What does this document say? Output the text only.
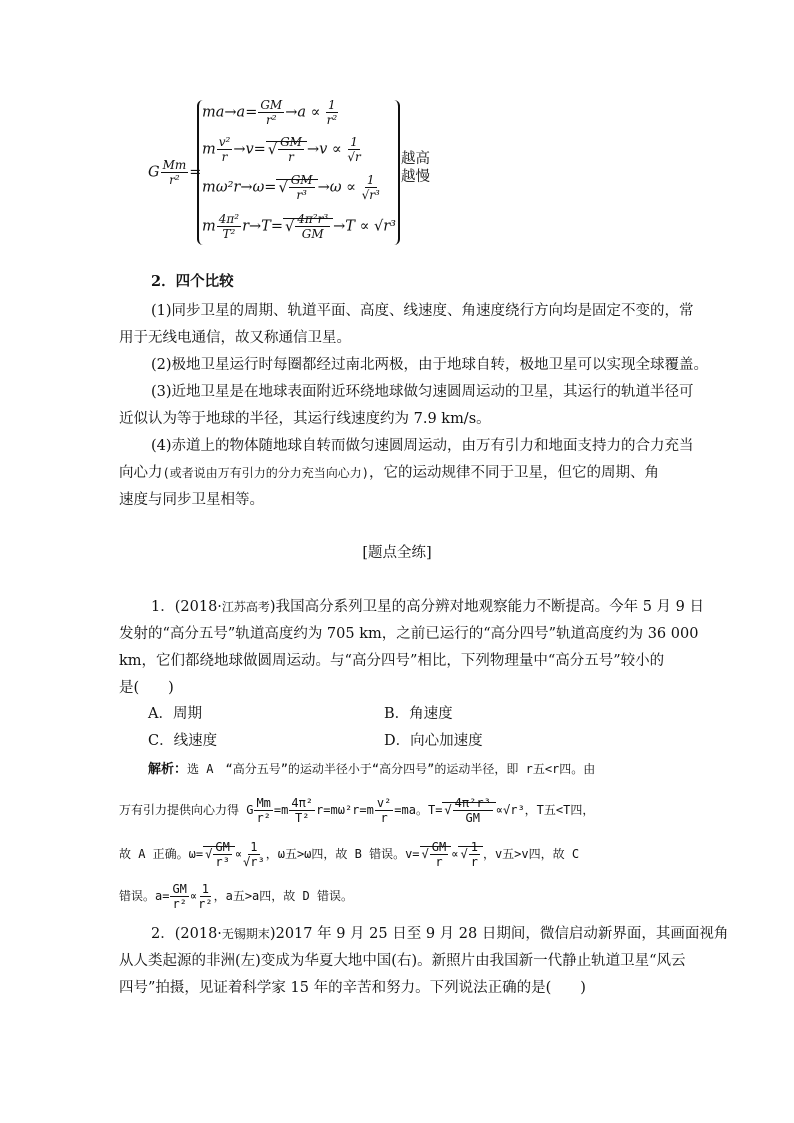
G $\frac{Mm}{\text{r²}}$ =
$ma\to a= \frac{GM}{\text{r²}} \to a \propto \frac{1}{\text{r²}}$
m $\frac{\text{v²}}{r} \to v=$ √ $\frac{GM}{r} \to v \propto \frac{1}{√r}$
mω²r→ω= √ $\frac{GM}{\text{r³}} \to\omega \propto \frac{1}{\text{√r³}}$
m $\frac{\text{4π²}}{\text{T²}} r\to T=$ √ $\frac{\text{4π²r³}}{GM} \to T \propto √r^3$
越高
越慢
2．四个比较
(1)同步卫星的周期、轨道平面、高度、线速度、角速度绕行方向均是固定不变的，常
用于无线电通信，故又称通信卫星。
(2)极地卫星运行时每圈都经过南北两极，由于地球自转，极地卫星可以实现全球覆盖。
(3)近地卫星是在地球表面附近环绕地球做匀速圆周运动的卫星，其运行的轨道半径可
近似认为等于地球的半径，其运行线速度约为 7.9 km/s。
(4)赤道上的物体随地球自转而做匀速圆周运动，由万有引力和地面支持力的合力充当
向心力(或者说由万有引力的分力充当向心力)，它的运动规律不同于卫星，但它的周期、角
速度与同步卫星相等。
[题点全练]
1．(2018·江苏高考)我国高分系列卫星的高分辨对地观察能力不断提高。今年 5 月 9 日
发射的“高分五号”轨道高度约为 705 km，之前已运行的“高分四号”轨道高度约为 36 000
km，它们都绕地球做圆周运动。与“高分四号”相比，下列物理量中“高分五号”较小的
是(　　)
A．周期	B．角速度
C．线速度	D．向心加速度
解析：选 A　“高分五号”的运动半径小于“高分四号”的运动半径，即 r五<r四。由
万有引力提供向心力得 G $\frac{Mm}{\text{r²}} =m \frac{\text{4π²}}{\text{T²}} r=m\omega^2r=m \frac{\text{v²}}{r} =ma$。T= √ $\frac{\text{4π²r³}}{GM} \propto√r^3$，T五<T四，
故 A 正确。ω= √ $\frac{GM}{\text{r³}} \propto \frac{1}{\text{√r³}}$ ，ω五>ω四，故 B 错误。v= √ $\frac{GM}{r}$ ∝ √ $\frac{1}{r}$ ，v五>v四，故 C
错误。$a= \frac{GM}{\text{r²}} \propto \frac{1}{\text{r²}}$ ，a五>a四，故 D 错误。
2．(2018·无锡期末)2017 年 9 月 25 日至 9 月 28 日期间，微信启动新界面，其画面视角
从人类起源的非洲(左)变成为华夏大地中国(右)。新照片由我国新一代静止轨道卫星“风云
四号”拍摄，见证着科学家 15 年的辛苦和努力。下列说法正确的是(　　)
